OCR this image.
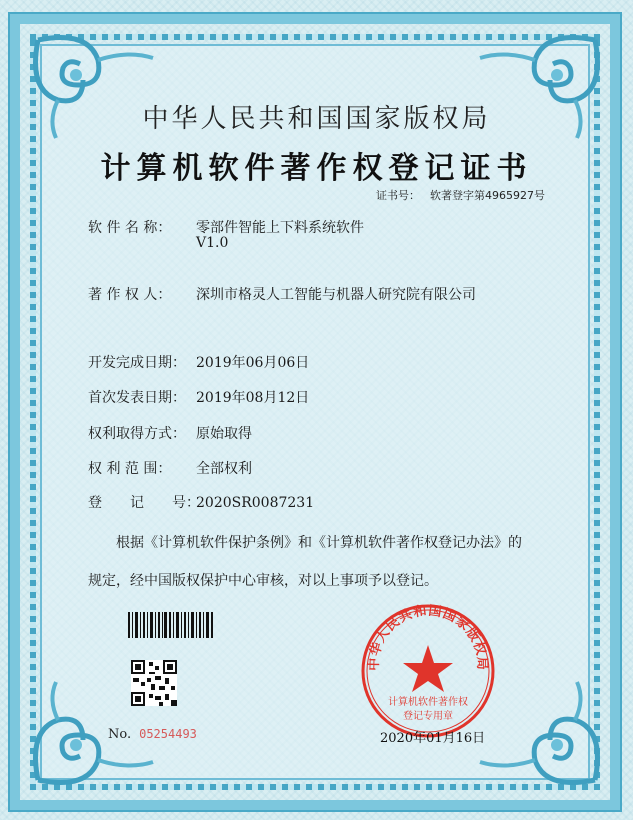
中华人民共和国国家版权局
计算机软件著作权登记证书
证书号： 软著登字第4965927号
软 件 名 称： 零部件智能上下料系统软件
V1.0
著 作 权 人： 深圳市格灵人工智能与机器人研究院有限公司
开发完成日期： 2019年06月06日
首次发表日期： 2019年08月12日
权利取得方式： 原始取得
权 利 范 围： 全部权利
登　　记　　号：2020SR0087231
根据《计算机软件保护条例》和《计算机软件著作权登记办法》的
规定，经中国版权保护中心审核，对以上事项予以登记。
No. 05254493
中华人民共和国国家版权局
计算机软件著作权
登记专用章
2020年01月16日
